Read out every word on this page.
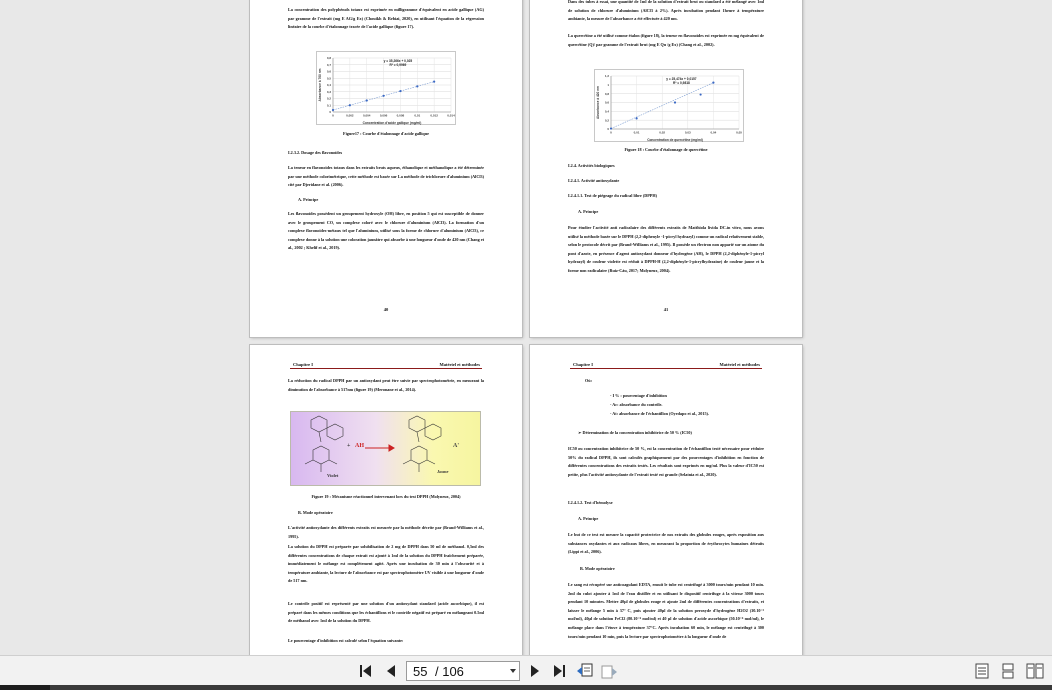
La concentration des polyphénols totaux est exprimée en milligramme d'équivalent en acide gallique (AG) par gramme de l'extrait (mg E AG/g Ex) (Chouikh & Rebiai, 2020), en utilisant l'équation de la régression linéaire de la courbe d'étalonnage tracée de l'acide gallique (figure 17).
0
0,1
0,2
0,3
0,4
0,5
0,6
0,7
0,8
0	0,002	0,004	0,006	0,008	0,01	0,012	0,014
y = 35,266x + 0,025
R² = 0,9969
Concentration d'acide gallique (mg/ml)
Absorbance à 760 nm
Figure17 : Courbe d'étalonnage d'acide gallique
I.2.3.2. Dosage des flavonoïdes
La teneur en flavonoïdes totaux dans les extraits bruts aqueux, éthanolique et méthanolique a été déterminée par une méthode colorimétrique, cette méthode est basée sur La méthode de trichlorure d'aluminium (AlCl3) cité par Djeridane et al. (2006).
A. Principe
Les flavonoïdes possèdent un groupement hydroxyle (OH) libre, en position 5 qui est susceptible de donner avec le groupement CO, un complexe coloré avec le chlorure d'aluminium (AlCl3). La formation d'un complexe flavonoïdes-métaux tel que l'aluminium, utilisé sous la forme de chlorure d'aluminium (AlCl3), ce complexe donne à la solution une coloration jaunâtre qui absorbe à une longueur d'onde de 420 nm (Chang et al., 2002 ; Khelif et al., 2019).
40
Dans des tubes à essai, une quantité de 1ml de la solution d'extrait brut ou standard a été mélangé avec 1ml de solution de chlorure d'aluminium (AlCl3 à 2%). Après incubation pendant 1heure à température ambiante, la mesure de l'absorbance a été effectuée à 420 nm.
La quercétine a été utilisé comme étalon (figure 18), la teneur en flavonoïdes est exprimée en mg équivalent de quercétine (Q)/ par gramme de l'extrait brut (mg E Qu /g Ex) (Chang et al., 2002).
0
0,2
0,4
0,6
0,8
1
1,2
0	0,01	0,02	0,03	0,04	0,05
y = 25,474x + 0,0157
R² = 0,9818
Concentration de quercétine (mg/ml)
Absorbance à 420 nm
Figure 18 : Courbe d'étalonnage de quercétine
I.2.4. Activités biologiques
I.2.4.1. Activité antioxydante
I.2.4.1.1. Test de piégeage du radical libre (DPPH)
A. Principe
Pour étudier l'activité anti radicalaire des différents extraits de Matthiola livida DC.in vitro, nous avons utilisé la méthode basée sur le DPPH (2,2-diphenyle -1-picryl hydrazyl) comme un radical relativement stable, selon le protocole décrit par (Brand-Williams et al., 1995). Il possède un électron non apparié sur un atome du pont d'azote, en présence d'agent antioxydant donneur d'hydrogène (AH), le DPPH (2,2-diphényle-1-picryl hydrazyl) de couleur violette est réduit à DPPH-H (2,2-diphényle-1-picrylhydrazine) de couleur jaune et la forme non radicalaire (Ruiz-Cáu, 2017; Molyneux, 2004).
41
Chapitre I	Matériel et méthodes
La réduction du radical DPPH par un antioxydant peut être suivie par spectrophotométrie, en mesurant la diminution de l'absorbance à 517nm (figure 19) (Meronane et al., 2014).
+ AH	A'
Violet
Jaune
Figure 19 : Mécanisme réactionnel intervenant lors du test DPPH (Molyneux, 2004)
B. Mode opératoire
L'activité antioxydante des différents extraits est mesurée par la méthode décrite par (Brand-Williams et al., 1995).
La solution du DPPH est préparée par solubilisation de 2 mg de DPPH dans 50 ml de méthanol. 0,5ml des différentes concentrations de chaque extrait est ajouté à 1ml de la solution du DPPH fraîchement préparée, immédiatement le mélange est complètement agité. Après une incubation de 30 min à l'obscurité et à température ambiante, la lecture de l'absorbance est par spectrophotomètre UV visible à une longueur d'onde de 517 nm.
Le contrôle positif est représenté par une solution d'un antioxydant standard (acide ascorbique), il est préparé dans les mêmes conditions que les échantillons et le contrôle négatif est préparé en mélangeant 0.5ml de méthanol avec 1ml de la solution du DPPH.
Le pourcentage d'inhibition est calculé selon l'équation suivante:
Chapitre I	Matériel et méthodes
Où:
- I % : pourcentage d'inhibition
- Ac: absorbance du contrôle.
- At: absorbance de l'échantillon (Oyedapo et al., 2015).
➢ Détermination de la concentration inhibitrice de 50 % (IC50)
IC50 ou concentration inhibitrice de 50 %, est la concentration de l'échantillon testé nécessaire pour réduire 50% du radical DPPH, ils sont calculés graphiquement par des pourcentages d'inhibition en fonction de différentes concentrations des extraits testés. Les résultats sont exprimés en mg/ml. Plus la valeur d'IC50 est petite, plus l'activité antioxydante de l'extrait testé est grande (Selatnia et al., 2020).
I.2.4.1.2. Test d'hémolyse
A. Principe
Le but de ce test est mesure la capacité protectrice de nos extraits des globules rouges, après exposition aux substances oxydantes et aux radicaux libres, en mesurant la proportion de érythrocytes humaines détruits (Lippi et al., 2006).
B. Mode opératoire
Le sang est récupéré sur anticoagulant EDTA, ensuit le tube est centrifugé à 3000 tours/min pendant 10 min. 2ml du culot ajouter à 1ml de l'eau distillée et en utilisant le dispositif centrifuge à la vitesse 3000 tours pendant 10 minutes. Mettre 40µl de globules rouge et ajoute 2ml de différentes concentrations d'extraits, et laisser le mélange 5 min à 37° C, puis ajouter 40µl de la solution peroxyde d'hydrogène H2O2 (30.10⁻³ mol/ml), 40µl de solution FeCl2 (80.10⁻⁶ mol/ml) et 40 µl de solution d'acide ascorbique (50.10⁻⁶ mol/ml), le mélange place dans l'étuve à température 37°C. Après incubation 60 min, le mélange est centrifugé à 300 tours/min pendant 10 min, puis la lecture par spectrophotomètre à la longueur d'onde de
55 / 106
